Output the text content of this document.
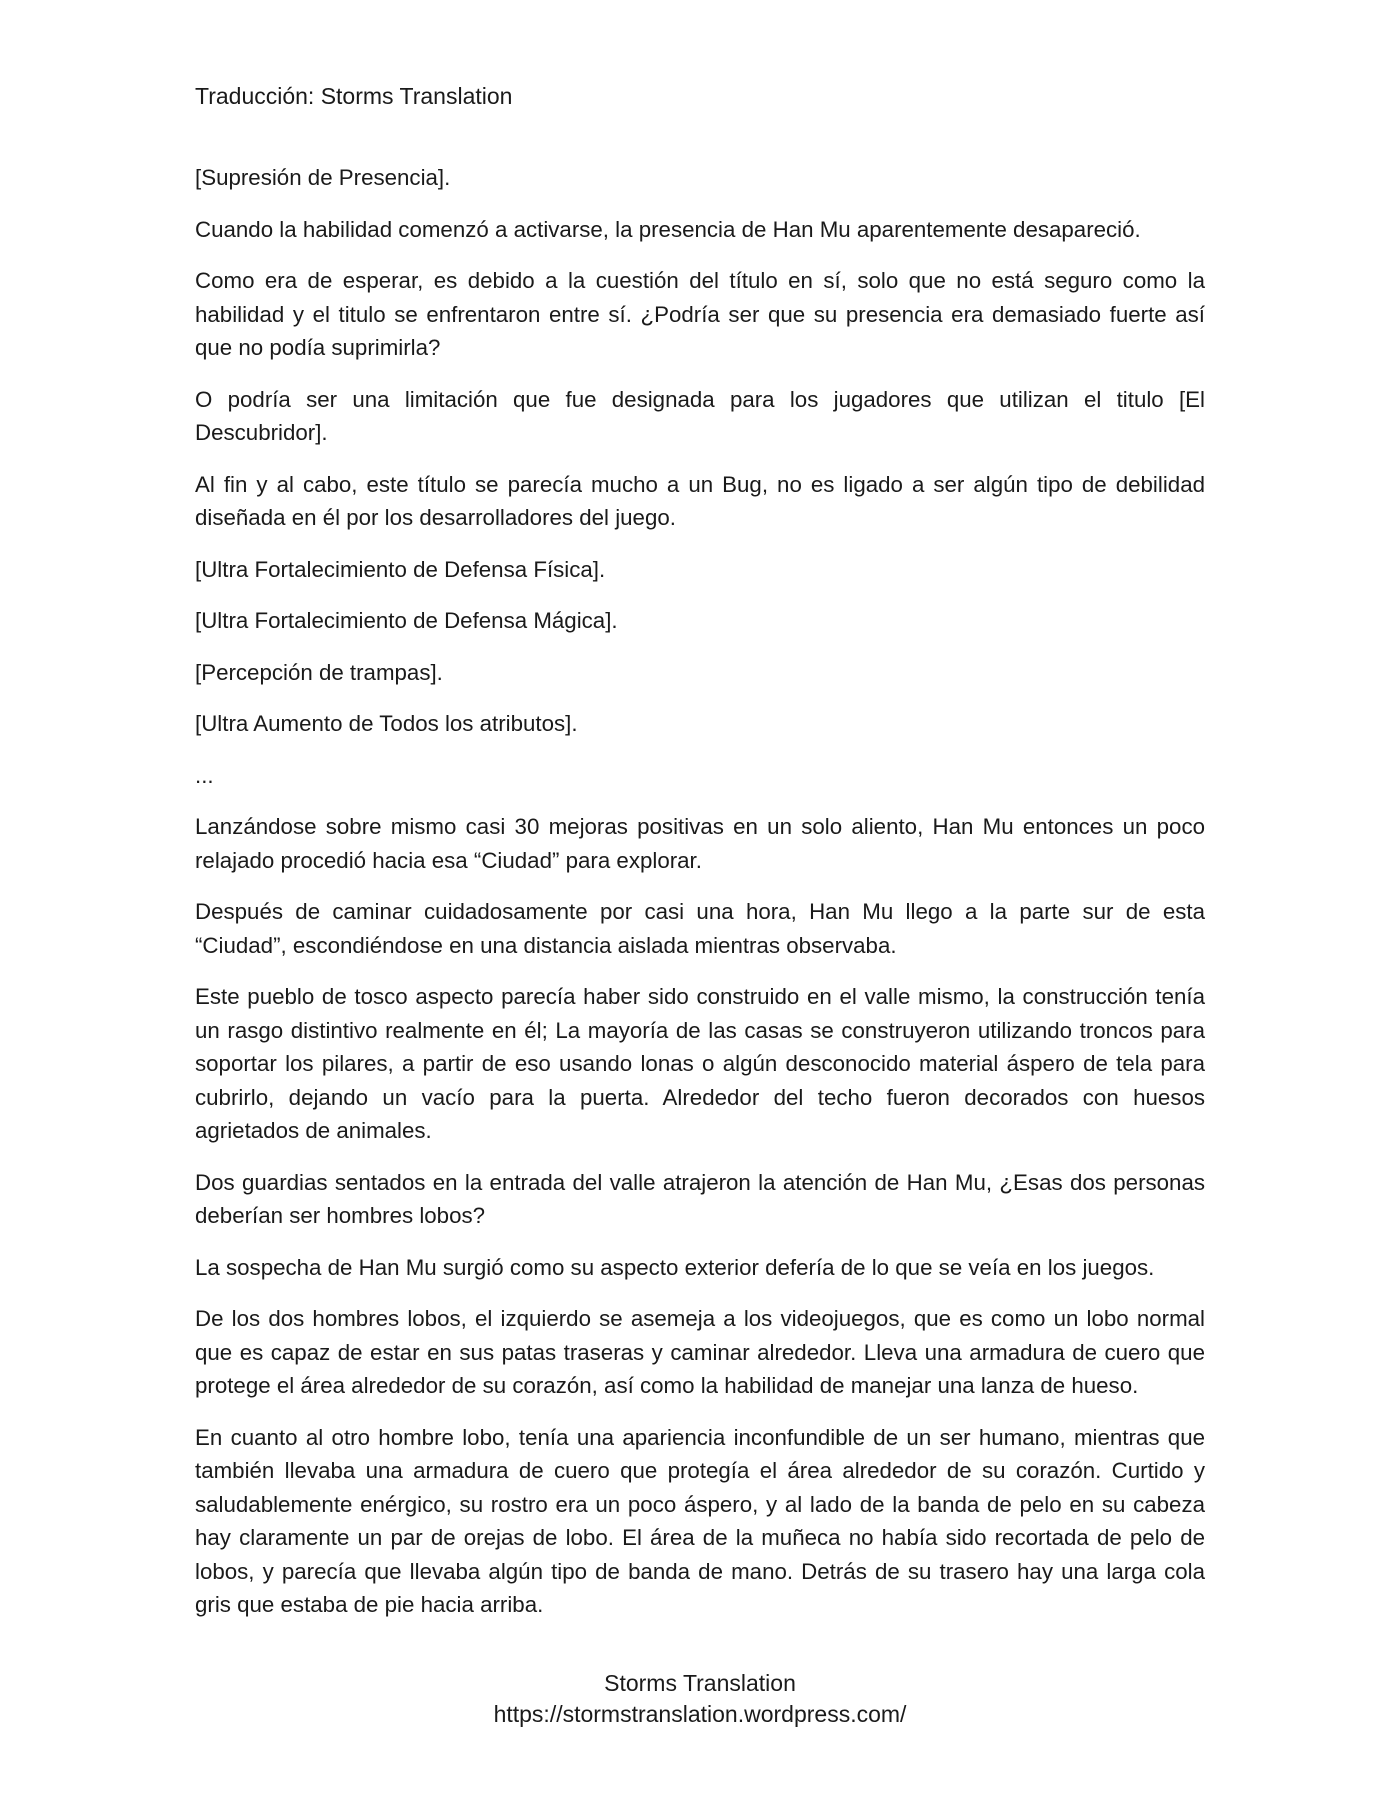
Traducción: Storms Translation

[Supresión de Presencia].

Cuando la habilidad comenzó a activarse, la presencia de Han Mu aparentemente desapareció.

Como era de esperar, es debido a la cuestión del título en sí, solo que no está seguro como la habilidad y el titulo se enfrentaron entre sí. ¿Podría ser que su presencia era demasiado fuerte así que no podía suprimirla?

O podría ser una limitación que fue designada para los jugadores que utilizan el titulo [El Descubridor].

Al fin y al cabo, este título se parecía mucho a un Bug, no es ligado a ser algún tipo de debilidad diseñada en él por los desarrolladores del juego.

[Ultra Fortalecimiento de Defensa Física].

[Ultra Fortalecimiento de Defensa Mágica].

[Percepción de trampas].

[Ultra Aumento de Todos los atributos].

...

Lanzándose sobre mismo casi 30 mejoras positivas en un solo aliento, Han Mu entonces un poco relajado procedió hacia esa “Ciudad” para explorar.

Después de caminar cuidadosamente por casi una hora, Han Mu llego a la parte sur de esta “Ciudad”, escondiéndose en una distancia aislada mientras observaba.

Este pueblo de tosco aspecto parecía haber sido construido en el valle mismo, la construcción tenía un rasgo distintivo realmente en él; La mayoría de las casas se construyeron utilizando troncos para soportar los pilares, a partir de eso usando lonas o algún desconocido material áspero de tela para cubrirlo, dejando un vacío para la puerta. Alrededor del techo fueron decorados con huesos agrietados de animales.

Dos guardias sentados en la entrada del valle atrajeron la atención de Han Mu, ¿Esas dos personas deberían ser hombres lobos?

La sospecha de Han Mu surgió como su aspecto exterior defería de lo que se veía en los juegos.

De los dos hombres lobos, el izquierdo se asemeja a los videojuegos, que es como un lobo normal que es capaz de estar en sus patas traseras y caminar alrededor. Lleva una armadura de cuero que protege el área alrededor de su corazón, así como la habilidad de manejar una lanza de hueso.

En cuanto al otro hombre lobo, tenía una apariencia inconfundible de un ser humano, mientras que también llevaba una armadura de cuero que protegía el área alrededor de su corazón. Curtido y saludablemente enérgico, su rostro era un poco áspero, y al lado de la banda de pelo en su cabeza hay claramente un par de orejas de lobo. El área de la muñeca no había sido recortada de pelo de lobos, y parecía que llevaba algún tipo de banda de mano. Detrás de su trasero hay una larga cola gris que estaba de pie hacia arriba.

Storms Translation
https://stormstranslation.wordpress.com/
